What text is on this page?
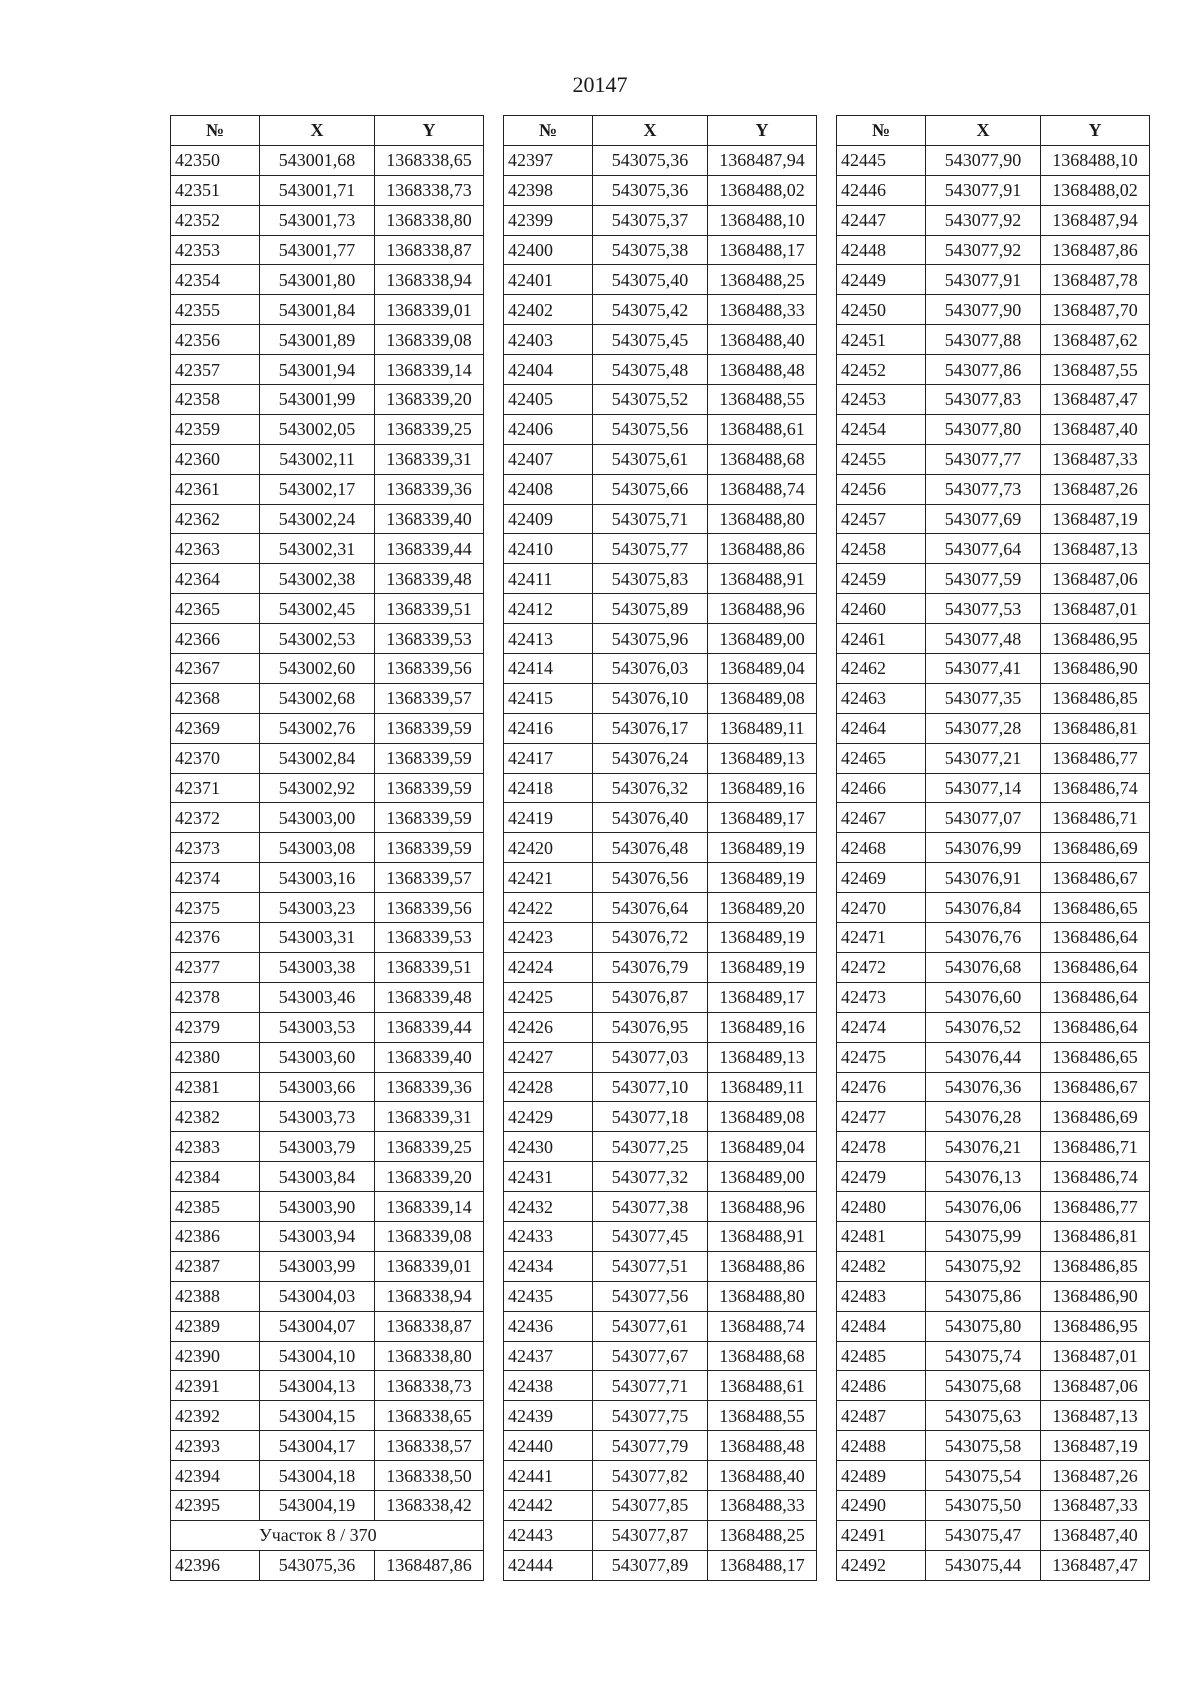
20147
№	X	Y
42350	543001,68	1368338,65
42351	543001,71	1368338,73
42352	543001,73	1368338,80
42353	543001,77	1368338,87
42354	543001,80	1368338,94
42355	543001,84	1368339,01
42356	543001,89	1368339,08
42357	543001,94	1368339,14
42358	543001,99	1368339,20
42359	543002,05	1368339,25
42360	543002,11	1368339,31
42361	543002,17	1368339,36
42362	543002,24	1368339,40
42363	543002,31	1368339,44
42364	543002,38	1368339,48
42365	543002,45	1368339,51
42366	543002,53	1368339,53
42367	543002,60	1368339,56
42368	543002,68	1368339,57
42369	543002,76	1368339,59
42370	543002,84	1368339,59
42371	543002,92	1368339,59
42372	543003,00	1368339,59
42373	543003,08	1368339,59
42374	543003,16	1368339,57
42375	543003,23	1368339,56
42376	543003,31	1368339,53
42377	543003,38	1368339,51
42378	543003,46	1368339,48
42379	543003,53	1368339,44
42380	543003,60	1368339,40
42381	543003,66	1368339,36
42382	543003,73	1368339,31
42383	543003,79	1368339,25
42384	543003,84	1368339,20
42385	543003,90	1368339,14
42386	543003,94	1368339,08
42387	543003,99	1368339,01
42388	543004,03	1368338,94
42389	543004,07	1368338,87
42390	543004,10	1368338,80
42391	543004,13	1368338,73
42392	543004,15	1368338,65
42393	543004,17	1368338,57
42394	543004,18	1368338,50
42395	543004,19	1368338,42
Участок 8 / 370		
42396	543075,36	1368487,86
№	X	Y
42397	543075,36	1368487,94
42398	543075,36	1368488,02
42399	543075,37	1368488,10
42400	543075,38	1368488,17
42401	543075,40	1368488,25
42402	543075,42	1368488,33
42403	543075,45	1368488,40
42404	543075,48	1368488,48
42405	543075,52	1368488,55
42406	543075,56	1368488,61
42407	543075,61	1368488,68
42408	543075,66	1368488,74
42409	543075,71	1368488,80
42410	543075,77	1368488,86
42411	543075,83	1368488,91
42412	543075,89	1368488,96
42413	543075,96	1368489,00
42414	543076,03	1368489,04
42415	543076,10	1368489,08
42416	543076,17	1368489,11
42417	543076,24	1368489,13
42418	543076,32	1368489,16
42419	543076,40	1368489,17
42420	543076,48	1368489,19
42421	543076,56	1368489,19
42422	543076,64	1368489,20
42423	543076,72	1368489,19
42424	543076,79	1368489,19
42425	543076,87	1368489,17
42426	543076,95	1368489,16
42427	543077,03	1368489,13
42428	543077,10	1368489,11
42429	543077,18	1368489,08
42430	543077,25	1368489,04
42431	543077,32	1368489,00
42432	543077,38	1368488,96
42433	543077,45	1368488,91
42434	543077,51	1368488,86
42435	543077,56	1368488,80
42436	543077,61	1368488,74
42437	543077,67	1368488,68
42438	543077,71	1368488,61
42439	543077,75	1368488,55
42440	543077,79	1368488,48
42441	543077,82	1368488,40
42442	543077,85	1368488,33
42443	543077,87	1368488,25
42444	543077,89	1368488,17
№	X	Y
42445	543077,90	1368488,10
42446	543077,91	1368488,02
42447	543077,92	1368487,94
42448	543077,92	1368487,86
42449	543077,91	1368487,78
42450	543077,90	1368487,70
42451	543077,88	1368487,62
42452	543077,86	1368487,55
42453	543077,83	1368487,47
42454	543077,80	1368487,40
42455	543077,77	1368487,33
42456	543077,73	1368487,26
42457	543077,69	1368487,19
42458	543077,64	1368487,13
42459	543077,59	1368487,06
42460	543077,53	1368487,01
42461	543077,48	1368486,95
42462	543077,41	1368486,90
42463	543077,35	1368486,85
42464	543077,28	1368486,81
42465	543077,21	1368486,77
42466	543077,14	1368486,74
42467	543077,07	1368486,71
42468	543076,99	1368486,69
42469	543076,91	1368486,67
42470	543076,84	1368486,65
42471	543076,76	1368486,64
42472	543076,68	1368486,64
42473	543076,60	1368486,64
42474	543076,52	1368486,64
42475	543076,44	1368486,65
42476	543076,36	1368486,67
42477	543076,28	1368486,69
42478	543076,21	1368486,71
42479	543076,13	1368486,74
42480	543076,06	1368486,77
42481	543075,99	1368486,81
42482	543075,92	1368486,85
42483	543075,86	1368486,90
42484	543075,80	1368486,95
42485	543075,74	1368487,01
42486	543075,68	1368487,06
42487	543075,63	1368487,13
42488	543075,58	1368487,19
42489	543075,54	1368487,26
42490	543075,50	1368487,33
42491	543075,47	1368487,40
42492	543075,44	1368487,47
